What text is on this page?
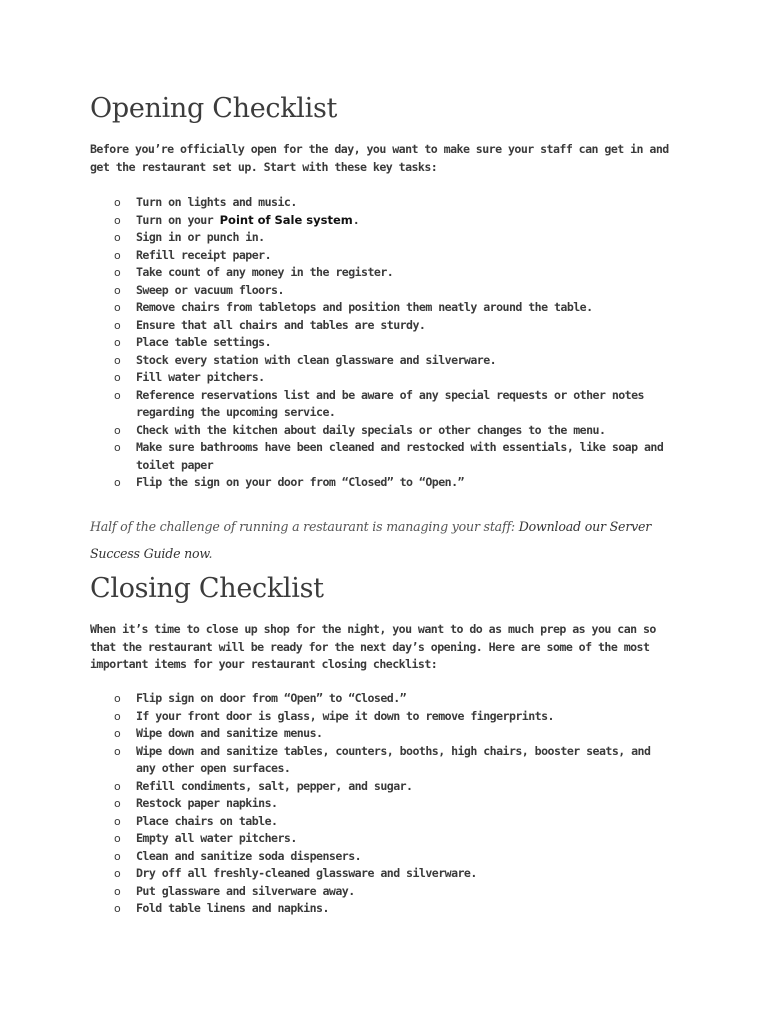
Opening Checklist

Before you’re officially open for the day, you want to make sure your staff can get in and get the restaurant set up. Start with these key tasks:

o Turn on lights and music.
o Turn on your Point of Sale system.
o Sign in or punch in.
o Refill receipt paper.
o Take count of any money in the register.
o Sweep or vacuum floors.
o Remove chairs from tabletops and position them neatly around the table.
o Ensure that all chairs and tables are sturdy.
o Place table settings.
o Stock every station with clean glassware and silverware.
o Fill water pitchers.
o Reference reservations list and be aware of any special requests or other notes regarding the upcoming service.
o Check with the kitchen about daily specials or other changes to the menu.
o Make sure bathrooms have been cleaned and restocked with essentials, like soap and toilet paper
o Flip the sign on your door from “Closed” to “Open.”
Half of the challenge of running a restaurant is managing your staff: Download our Server Success Guide now.
Closing Checklist

When it’s time to close up shop for the night, you want to do as much prep as you can so that the restaurant will be ready for the next day’s opening. Here are some of the most important items for your restaurant closing checklist:

o Flip sign on door from “Open” to “Closed.”
o If your front door is glass, wipe it down to remove fingerprints.
o Wipe down and sanitize menus.
o Wipe down and sanitize tables, counters, booths, high chairs, booster seats, and any other open surfaces.
o Refill condiments, salt, pepper, and sugar.
o Restock paper napkins.
o Place chairs on table.
o Empty all water pitchers.
o Clean and sanitize soda dispensers.
o Dry off all freshly-cleaned glassware and silverware.
o Put glassware and silverware away.
o Fold table linens and napkins.
